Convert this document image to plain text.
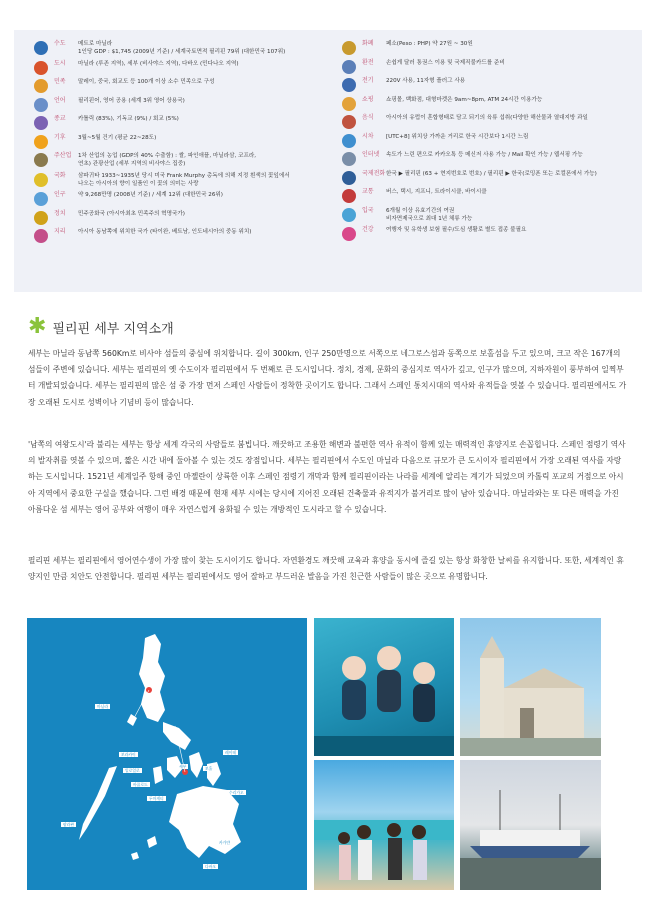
수도	메트로 마닐라
1인당 GDP : $1,745 (2009년 기준) / 세계국토면적 필리핀 79위 (대한민국 107위)
도시	마닐라 (루존 지역), 세부 (비사야스 지역), 다바오 (민다나오 지역)
민족	말레이, 중국, 회교도 등 100개 이상 소수 민족으로 구성
언어	필리핀어, 영어 공용 (세계 3위 영어 상용국)
종교	카톨릭 (83%), 기독교 (9%) / 회교 (5%)
기후	3월~5월 건기 (평균 22~28도)
주산업	1차 산업의 농업 (GDP의 40% 수출함) : 쌀, 파인애플, 마닐라삼, 코프라,
연초) 관광산업 (세부 지역의 비사야스 집중)
국화	삼파귀타 1933~1935년 당시 미국 Frank Murphy 총독에 의해 지정 흰색의 꽃잎에서
나오는 아시아의 향이 일품인 이 꽃의 의미는 사랑
인구	약 9,268만명 (2008년 기준) / 세계 12위 (대한민국 26위)
정치	민주공화국 (아시아최초 민족주의 혁명국가)
지리	아시아 동남쪽에 위치한 국가 (타이완, 베트남, 인도네시아의 중동 위치)
화폐	페소(Peso : PHP) 약 27원 ~ 30원
환전	손쉽게 달러 통권스 이용 및 국제직불카드를 준비
전기	220V 사용, 11자형 플러그 사용
쇼핑	쇼핑몰, 백화점, 대형마켓은 9am~8pm, ATM 24시간 이용가능
음식	아시아의 유럽이 혼합형태로 담고 되기의 육류 섭취(다양한 해산물과 열대지방 과일
시차	[UTC+8] 위치상 가까운 거리로 한국 시간보다 1시간 느림
인터넷	속도가 느린 편으로 카카오톡 등 메신저 사용 가능 / Mail 확인 가능 / 웹서핑 가능
국제전화 한국 ▶ 필리핀 (63 + 현지번호로 번호) / 필리핀 ▶ 한국(로밍폰 또는 로컬폰에서 가능)
교통	버스, 택시, 지프니, 트라이시클, 바이시클
입국	6개월 이상 유효기간의 여권
비자면제국으로 최대 1년 체류 가능
건강	여행자 및 유학생 보험 필수/도심 생활로 별도 접종 불필요
✱ 필리핀 세부 지역소개
세부는 마닐라 동남쪽 560Km로 비사야 섬들의 중심에 위치합니다. 길이 300km, 인구 250만명으로 서쪽으로 네그로스섬과 동쪽으로 보홀섬을 두고 있으며, 크고 작은 167개의 섬들이 주변에 있습니다. 세부는 필리핀의 옛 수도이자 필리핀에서 두 번째로 큰 도시입니다. 정치, 경제, 문화의 중심지로 역사가 깊고, 인구가 많으며, 지하자원이 풍부하여 일찍부터 개발되었습니다. 세부는 필리핀의 많은 섬 중 가장 먼저 스페인 사람들이 정착한 곳이기도 합니다. 그래서 스페인 통치시대의 역사와 유적들을 엿볼 수 있습니다. 필리핀에서도 가장 오래된 도시로 성벽이나 기념비 등이 많습니다.
'남쪽의 여왕도시'라 불리는 세부는 항상 세계 각국의 사람들로 붐빕니다. 깨끗하고 조용한 해변과 불편한 역사 유적이 함께 있는 매력적인 휴양지로 손꼽힙니다. 스페인 점령기 역사의 발자취를 엿볼 수 있으며, 짧은 시간 내에 둘아볼 수 있는 것도 장점입니다. 세부는 필리핀에서 수도인 마닐라 다음으로 규모가 큰 도시이자 필리핀에서 가장 오래된 역사를 자랑하는 도시입니다. 1521년 세계일주 항해 중인 마젤란이 상륙한 이후 스페인 점령기 개막과 함께 필리핀이라는 나라를 세계에 알리는 계기가 되었으며 카톨릭 포교의 거점으로 아시아 지역에서 중요한 구실을 했습니다. 그런 배경 때문에 현재 세부 시에는 당시에 지어진 오래된 건축물과 유적지가 불거리로 많이 남아 있습니다. 마닐라와는 또 다른 매력을 가진 아름다운 섬 세부는 영어 공부와 여행이 매우 자연스럽게 융화될 수 있는 개방적인 도시라고 할 수 있습니다.
필리핀 세부는 필리핀에서 영어연수생이 가장 많이 찾는 도시이기도 합니다. 자연환경도 깨끗해 교육과 휴양을 동시에 즐길 있는 항상 화창한 날씨를 유지합니다. 또한, 세계적인 휴양지인 만큼 치안도 안전합니다. 필리핀 세부는 필리핀에서도 영어 잘하고 부드러운 발음을 가진 친근한 사람들이 많은 곳으로 유명합니다.
마닐라
세부	보홀
일로일로
바콜로드
두마게티
보라카이
팔라완
다바오
카가얀
레이테
수리가오
